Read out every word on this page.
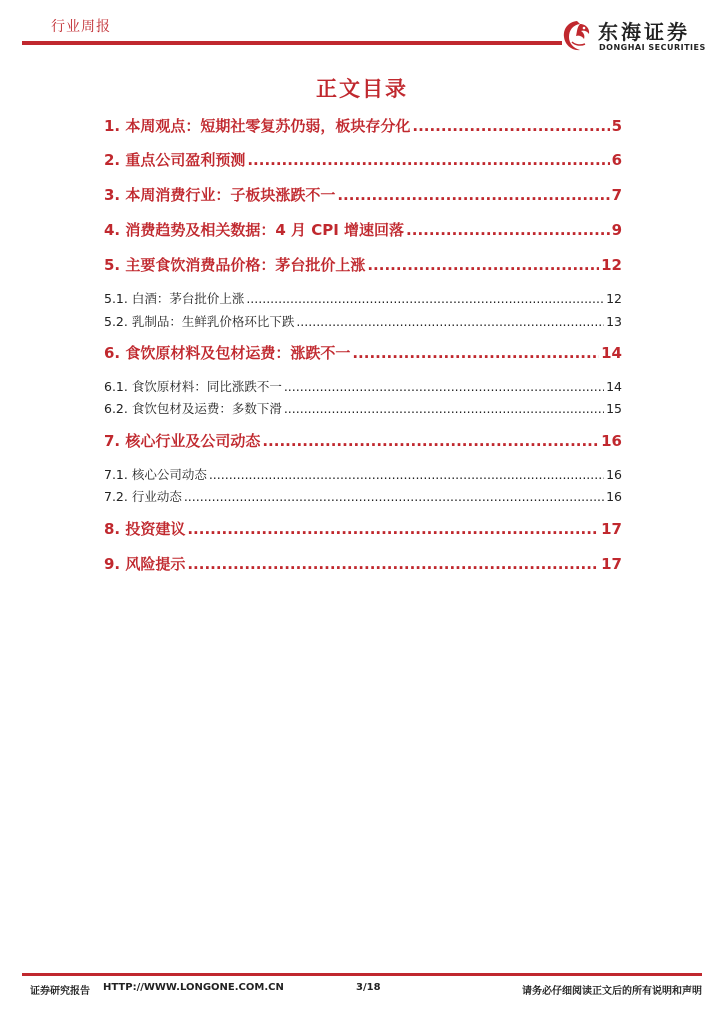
行业周报	东海证券
DONGHAI SECURITIES
正文目录
1. 本周观点：短期社零复苏仍弱，板块存分化 .....	5
2. 重点公司盈利预测 .....	6
3. 本周消费行业：子板块涨跌不一 .....	7
4. 消费趋势及相关数据：4 月 CPI 增速回落 .....	9
5. 主要食饮消费品价格：茅台批价上涨 .....	12
5.1. 白酒：茅台批价上涨 .....	12
5.2. 乳制品：生鲜乳价格环比下跌 .....	13
6. 食饮原材料及包材运费：涨跌不一 .....	14
6.1. 食饮原材料：同比涨跌不一 .....	14
6.2. 食饮包材及运费：多数下滑 .....	15
7. 核心行业及公司动态 .....	16
7.1. 核心公司动态 .....	16
7.2. 行业动态 .....	16
8. 投资建议 .....	17
9. 风险提示 .....	17
证券研究报告 HTTP://WWW.LONGONE.COM.CN	3/18	请务必仔细阅读正文后的所有说明和声明
